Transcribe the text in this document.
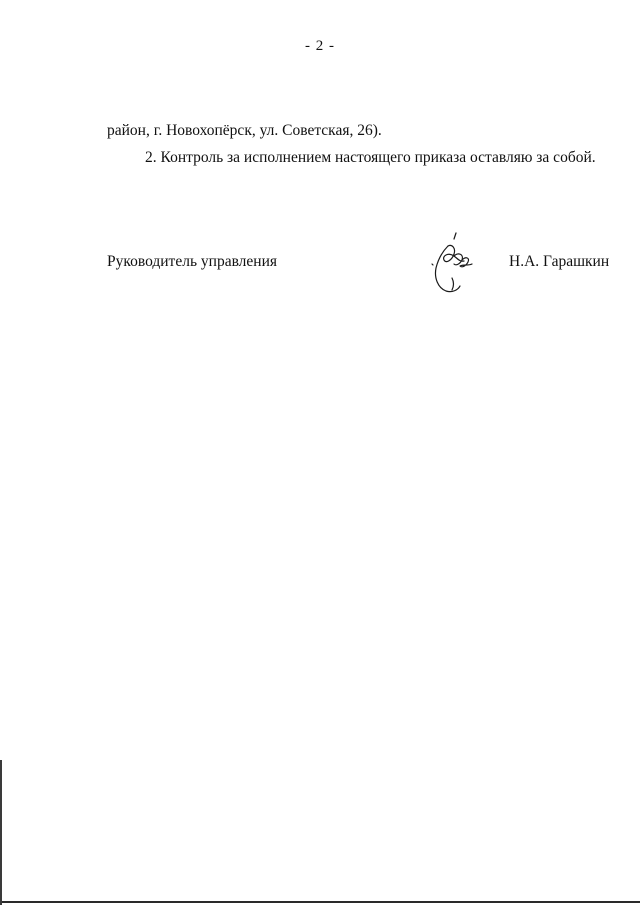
- 2 -
район, г. Новохопёрск, ул. Советская, 26).
2. Контроль за исполнением настоящего приказа оставляю за собой.
Руководитель управления	Н.А. Гарашкин
